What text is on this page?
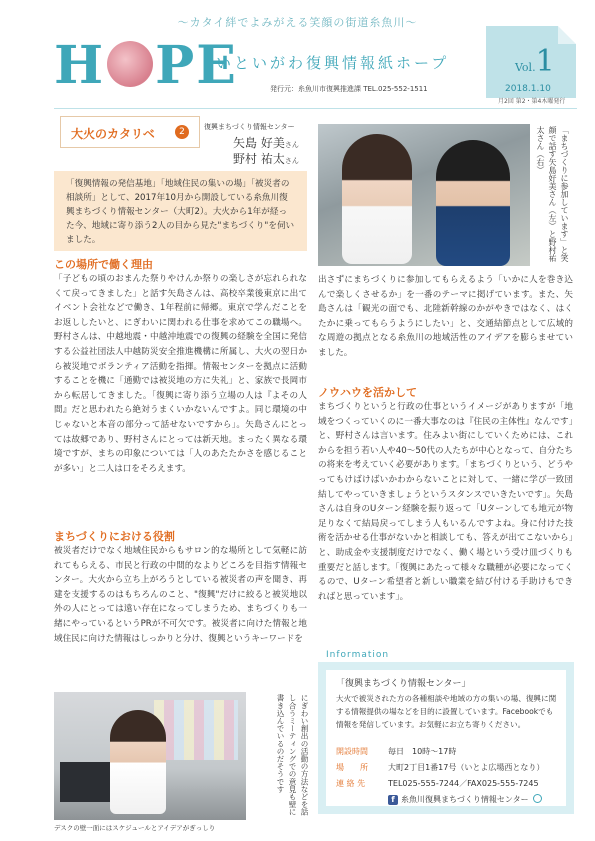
～カタイ絆でよみがえる笑顔の街道糸魚川～
H PE
いといがわ復興情報紙ホープ
発行元：糸魚川市復興推進課 TEL.025-552-1511
Vol.1
2018.1.10
月2回 第2・第4木曜発行
大火のカタリベ	2	復興まちづくり情報センター
矢島 好美さん
野村 祐太さん

「復興情報の発信基地」「地域住民の集いの場」「被災者の相談所」として、2017年10月から開設している糸魚川復興まちづくり情報センター（大町2）。大火から1年が経った今、地域に寄り添う2人の目から見た"まちづくり"を伺いました。	「まちづくりに参加しています」と笑顔で話す矢島好美さん（左）と野村祐太さん（右）
この場所で働く理由

「子どもの頃のおまんた祭りやけんか祭りの楽しさが忘れられなくて戻ってきました」と話す矢島さんは、高校卒業後東京に出てイベント会社などで働き、1年程前に帰郷。東京で学んだことをお返ししたいと、にぎわいに関われる仕事を求めてこの職場へ。野村さんは、中越地震・中越沖地震での復興の経験を全国に発信する公益社団法人中越防災安全推進機構に所属し、大火の翌日から被災地でボランティア活動を指揮。情報センターを拠点に活動することを機に「通勤では被災地の方に失礼」と、家族で長岡市から転居してきました。「復興に寄り添う立場の人は『よその人間』だと思われたら絶対うまくいかないんですよ。同じ環境の中じゃないと本音の部分って話せないですから」。矢島さんにとっては故郷であり、野村さんにとっては新天地。まったく異なる環境ですが、まちの印象については「人のあたたかさを感じることが多い」と二人は口をそろえます。

まちづくりにおける役割

被災者だけでなく地域住民からもサロン的な場所として気軽に訪れてもらえる、市民と行政の中間的なよりどころを目指す情報センター。大火から立ち上がろうとしている被災者の声を聞き、再建を支援するのはもちろんのこと、"復興"だけに絞ると被災地以外の人にとっては遠い存在になってしまうため、まちづくりも一緒にやっているというPRが不可欠です。被災者に向けた情報と地域住民に向けた情報はしっかりと分け、復興というキーワードを

デスクの壁一面にはスケジュールとアイデアがぎっしり
にぎわい創出の活動の方法などを話し合うミーティングでの意見も壁に書き込んでいるのだそうです

出さずにまちづくりに参加してもらえるよう「いかに人を巻き込んで楽しくさせるか」を一番のテーマに掲げています。また、矢島さんは「観光の面でも、北陸新幹線のかがやきではなく、はくたかに乗ってもらうようにしたい」と、交通結節点として広域的な周遊の拠点となる糸魚川の地域活性のアイデアを膨らませていました。

ノウハウを活かして

まちづくりというと行政の仕事というイメージがありますが「地域をつくっていくのに一番大事なのは『住民の主体性』なんです」と、野村さんは言います。住みよい街にしていくためには、これからを担う若い人や40〜50代の人たちが中心となって、自分たちの将来を考えていく必要があります。「まちづくりという、どうやってもけばけばいかわからないことに対して、一緒に学び一致団結してやっていきましょうというスタンスでいきたいです」。矢島さんは自身のUターン経験を振り返って「Uターンしても地元が物足りなくて結局戻ってしまう人もいるんですよね。身に付けた技術を活かせる仕事がないかと相談しても、答えが出てこないから」と、助成金や支援制度だけでなく、働く場という受け皿づくりも重要だと話します。「復興にあたって様々な職種が必要になってくるので、Uターン希望者と新しい職業を結び付ける手助けもできればと思っています」。

Information
「復興まちづくり情報センター」
大火で被災された方の各種相談や地域の方の集いの場、復興に関する情報提供の場などを目的に設置しています。Facebookでも情報を発信しています。お気軽にお立ち寄りください。
開設時間	毎日　10時〜17時
場　　所	大町2丁目1番17号（いとよ広場西となり）
連 絡 先	TEL025-555-7244／FAX025-555-7245
f 糸魚川復興まちづくり情報センター
